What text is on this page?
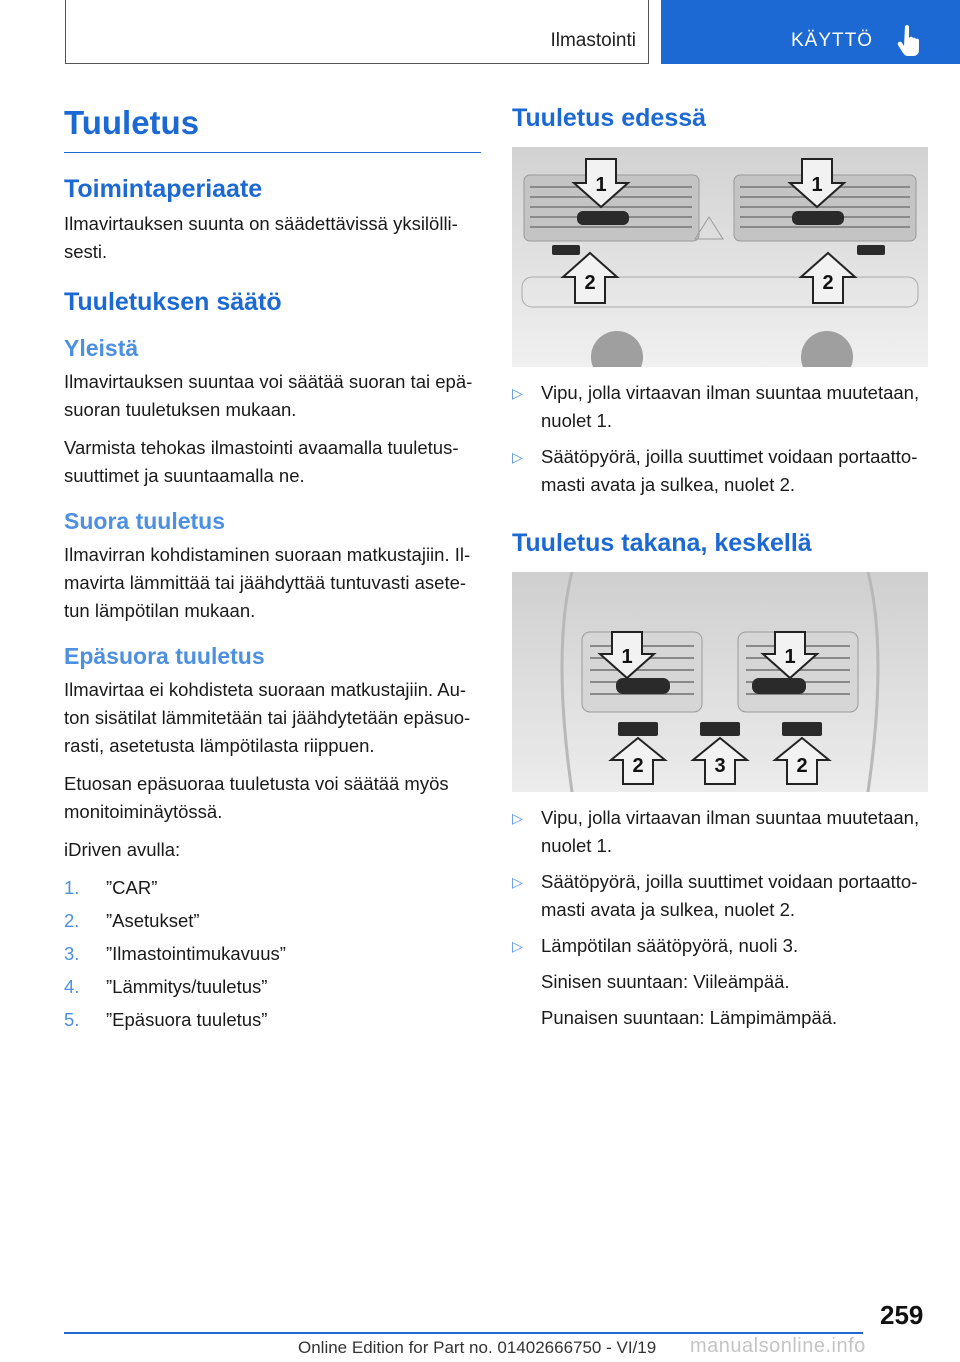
Ilmastointi	KÄYTTÖ
Tuuletus
Toimintaperiaate

Ilmavirtauksen suunta on säädettävissä yksilölli-sesti.

Tuuletuksen säätö
Yleistä

Ilmavirtauksen suuntaa voi säätää suoran tai epä-suoran tuuletuksen mukaan.

Varmista tehokas ilmastointi avaamalla tuuletus-suuttimet ja suuntaamalla ne.

Suora tuuletus

Ilmavirran kohdistaminen suoraan matkustajiin. Il-mavirta lämmittää tai jäähdyttää tuntuvasti asete-tun lämpötilan mukaan.

Epäsuora tuuletus

Ilmavirtaa ei kohdisteta suoraan matkustajiin. Au-ton sisätilat lämmitetään tai jäähdytetään epäsuo-rasti, asetetusta lämpötilasta riippuen.

Etuosan epäsuoraa tuuletusta voi säätää myös monitoiminäytössä.

iDriven avulla:

1. ”CAR”
2. ”Asetukset”
3. ”Ilmastointimukavuus”
4. ”Lämmitys/tuuletus”
5. ”Epäsuora tuuletus”
Tuuletus edessä
1	1
2	2
▷ Vipu, jolla virtaavan ilman suuntaa muutetaan, nuolet 1.
▷ Säätöpyörä, joilla suuttimet voidaan portaatto-masti avata ja sulkea, nuolet 2.
Tuuletus takana, keskellä
1	1
2	3	2
▷ Vipu, jolla virtaavan ilman suuntaa muutetaan, nuolet 1.
▷ Säätöpyörä, joilla suuttimet voidaan portaatto-masti avata ja sulkea, nuolet 2.
▷ Lämpötilan säätöpyörä, nuoli 3.

Sinisen suuntaan: Viileämpää.

Punaisen suuntaan: Lämpimämpää.

259
Online Edition for Part no. 01402666750 - VI/19 manualsonline.info
